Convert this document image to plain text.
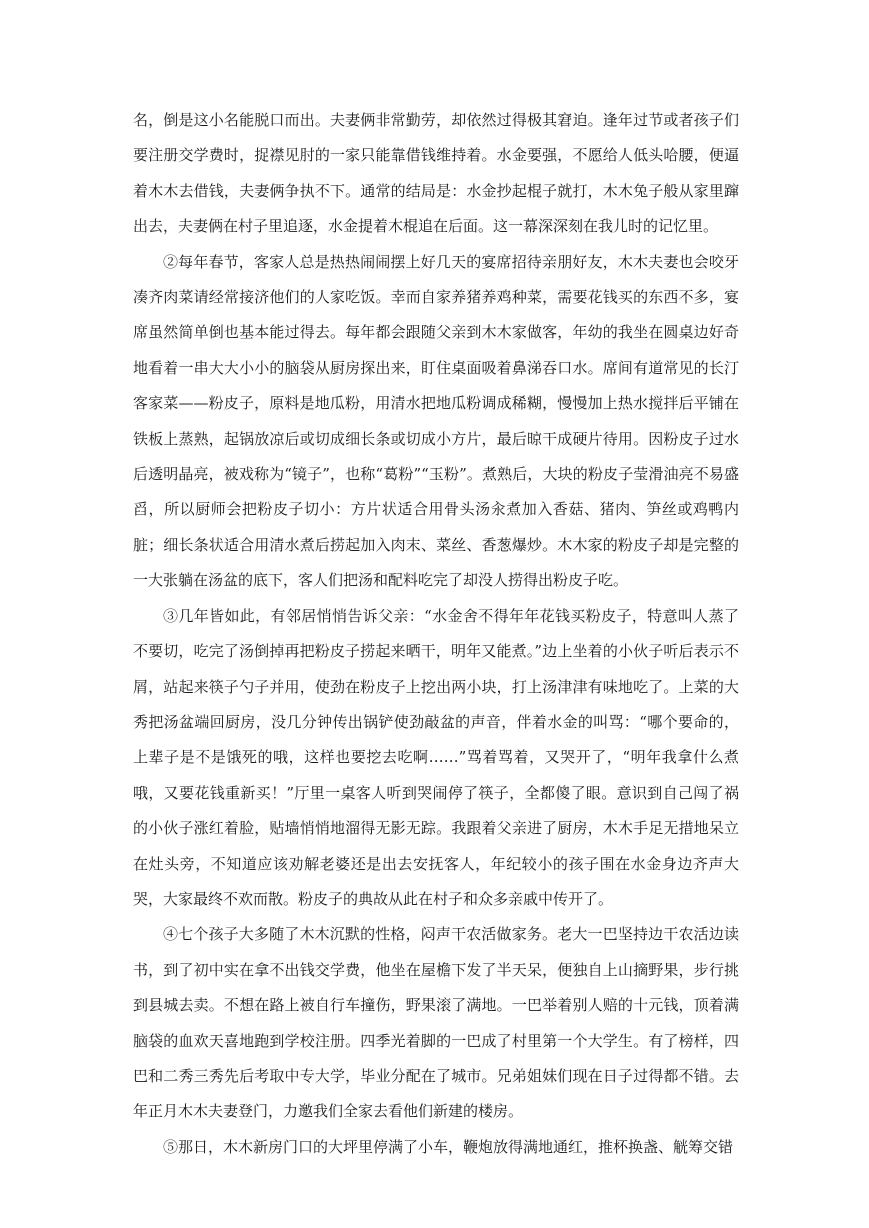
名，倒是这小名能脱口而出。夫妻俩非常勤劳，却依然过得极其窘迫。逢年过节或者孩子们要注册交学费时，捉襟见肘的一家只能靠借钱维持着。水金要强，不愿给人低头哈腰，便逼着木木去借钱，夫妻俩争执不下。通常的结局是：水金抄起棍子就打，木木兔子般从家里蹿出去，夫妻俩在村子里追逐，水金提着木棍追在后面。这一幕深深刻在我儿时的记忆里。

②每年春节，客家人总是热热闹闹摆上好几天的宴席招待亲朋好友，木木夫妻也会咬牙凑齐肉菜请经常接济他们的人家吃饭。幸而自家养猪养鸡种菜，需要花钱买的东西不多，宴席虽然简单倒也基本能过得去。每年都会跟随父亲到木木家做客，年幼的我坐在圆桌边好奇地看着一串大大小小的脑袋从厨房探出来，盯住桌面吸着鼻涕吞口水。席间有道常见的长汀客家菜——粉皮子，原料是地瓜粉，用清水把地瓜粉调成稀糊，慢慢加上热水搅拌后平铺在铁板上蒸熟，起锅放凉后或切成细长条或切成小方片，最后晾干成硬片待用。因粉皮子过水后透明晶亮，被戏称为“镜子”，也称“葛粉”“玉粉”。煮熟后，大块的粉皮子莹滑油亮不易盛舀，所以厨师会把粉皮子切小：方片状适合用骨头汤汆煮加入香菇、猪肉、笋丝或鸡鸭内脏；细长条状适合用清水煮后捞起加入肉末、菜丝、香葱爆炒。木木家的粉皮子却是完整的一大张躺在汤盆的底下，客人们把汤和配料吃完了却没人捞得出粉皮子吃。

③几年皆如此，有邻居悄悄告诉父亲：“水金舍不得年年花钱买粉皮子，特意叫人蒸了不要切，吃完了汤倒掉再把粉皮子捞起来晒干，明年又能煮。”边上坐着的小伙子听后表示不屑，站起来筷子勺子并用，使劲在粉皮子上挖出两小块，打上汤津津有味地吃了。上菜的大秀把汤盆端回厨房，没几分钟传出锅铲使劲敲盆的声音，伴着水金的叫骂：“哪个要命的，上辈子是不是饿死的哦，这样也要挖去吃啊……”骂着骂着，又哭开了，“明年我拿什么煮哦，又要花钱重新买！”厅里一桌客人听到哭闹停了筷子，全都傻了眼。意识到自己闯了祸的小伙子涨红着脸，贴墙悄悄地溜得无影无踪。我跟着父亲进了厨房，木木手足无措地呆立在灶头旁，不知道应该劝解老婆还是出去安抚客人，年纪较小的孩子围在水金身边齐声大哭，大家最终不欢而散。粉皮子的典故从此在村子和众多亲戚中传开了。

④七个孩子大多随了木木沉默的性格，闷声干农活做家务。老大一巴坚持边干农活边读书，到了初中实在拿不出钱交学费，他坐在屋檐下发了半天呆，便独自上山摘野果，步行挑到县城去卖。不想在路上被自行车撞伤，野果滚了满地。一巴举着别人赔的十元钱，顶着满脑袋的血欢天喜地跑到学校注册。四季光着脚的一巴成了村里第一个大学生。有了榜样，四巴和二秀三秀先后考取中专大学，毕业分配在了城市。兄弟姐妹们现在日子过得都不错。去年正月木木夫妻登门，力邀我们全家去看他们新建的楼房。

⑤那日，木木新房门口的大坪里停满了小车，鞭炮放得满地通红，推杯换盏、觥筹交错
